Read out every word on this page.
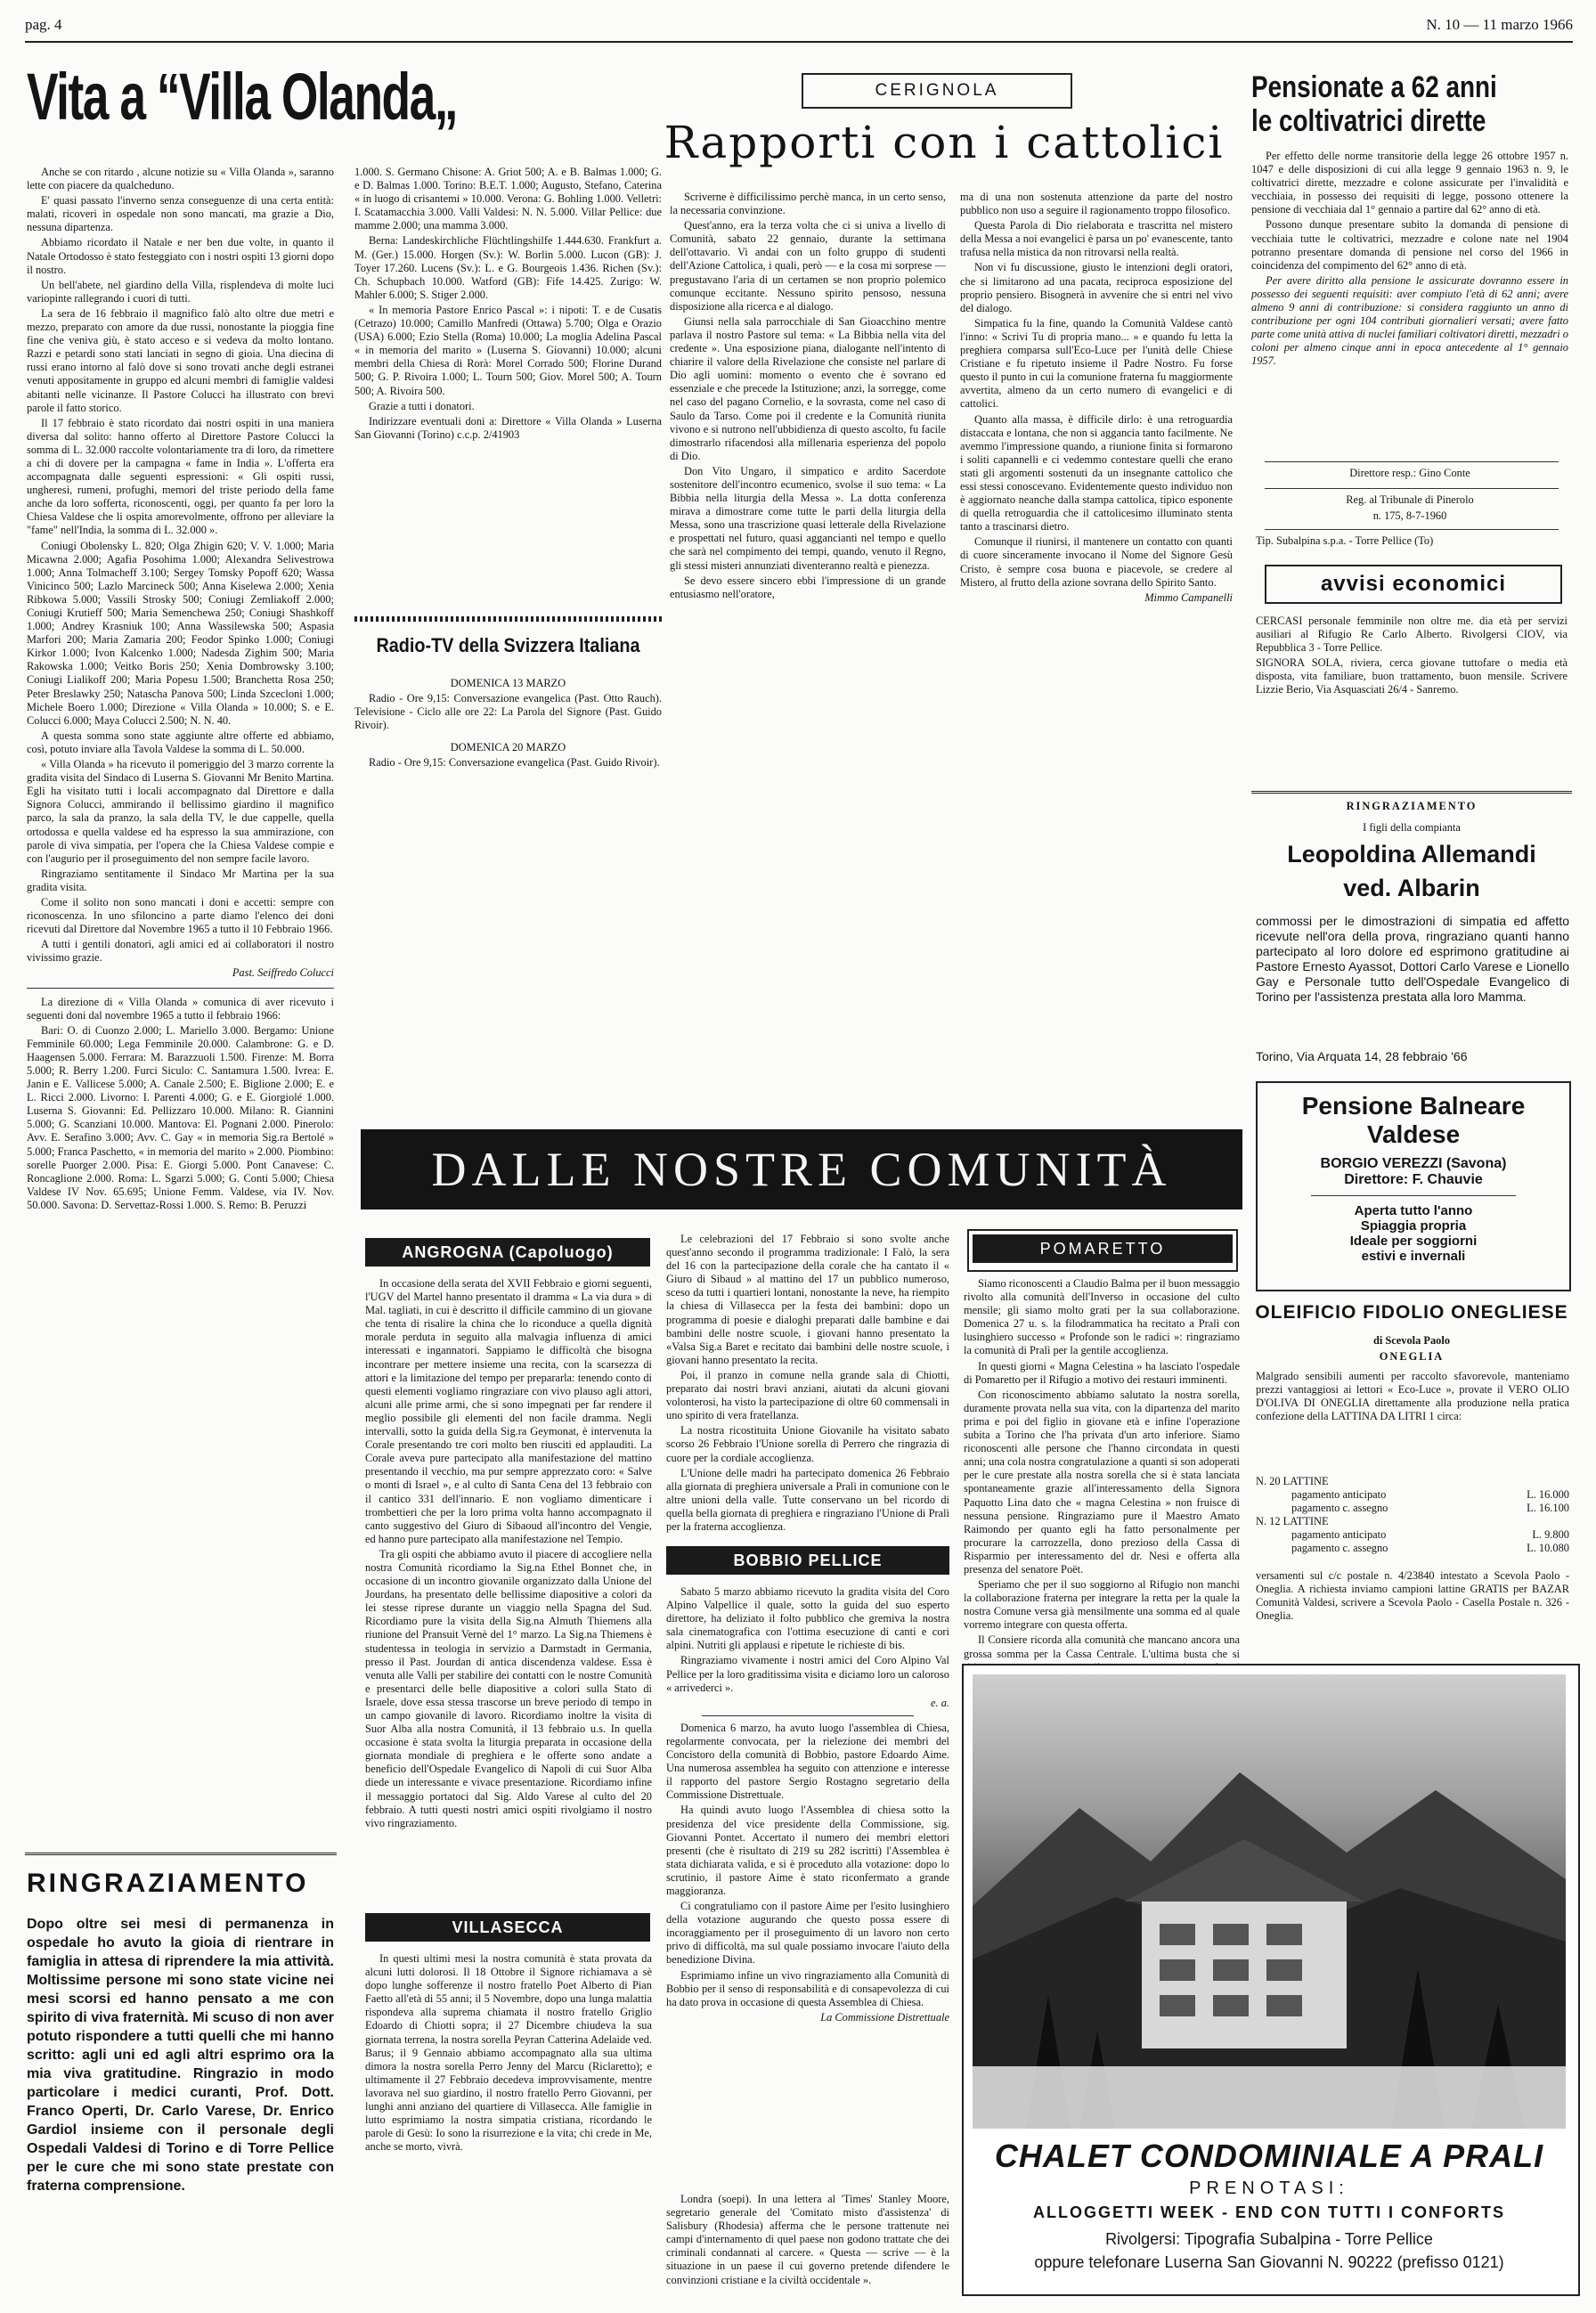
pag. 4	N. 10 — 11 marzo 1966
Vita a “Villa Olanda„

Anche se con ritardo , alcune notizie su « Villa Olanda », saranno lette con piacere da qualcheduno.

E' quasi passato l'inverno senza conseguenze di una certa entità: malati, ricoveri in ospedale non sono mancati, ma grazie a Dio, nessuna dipartenza.

Abbiamo ricordato il Natale e ner ben due volte, in quanto il Natale Ortodosso è stato festeggiato con i nostri ospiti 13 giorni dopo il nostro.

Un bell'abete, nel giardino della Villa, risplendeva di molte luci variopinte rallegrando i cuori di tutti.

La sera de 16 febbraio il magnifico falò alto oltre due metri e mezzo, preparato con amore da due russi, nonostante la pioggia fine fine che veniva giù, è stato acceso e si vedeva da molto lontano. Razzi e petardi sono stati lanciati in segno di gioia. Una diecina di russi erano intorno al falò dove si sono trovati anche degli estranei venuti appositamente in gruppo ed alcuni membri di famiglie valdesi abitanti nelle vicinanze. Il Pastore Colucci ha illustrato con brevi parole il fatto storico.

Il 17 febbraio è stato ricordato dai nostri ospiti in una maniera diversa dal solito: hanno offerto al Direttore Pastore Colucci la somma di L. 32.000 raccolte volontariamente tra di loro, da rimettere a chi di dovere per la campagna « fame in India ». L'offerta era accompagnata dalle seguenti espressioni: « Gli ospiti russi, ungheresi, rumeni, profughi, memori del triste periodo della fame anche da loro sofferta, riconoscenti, oggi, per quanto fa per loro la Chiesa Valdese che li ospita amorevolmente, offrono per alleviare la "fame" nell'India, la somma di L. 32.000 ».

Coniugi Obolensky L. 820; Olga Zhigin 620; V. V. 1.000; Maria Micawna 2.000; Agafia Posohima 1.000; Alexandra Selivestrowa 1.000; Anna Tolmacheff 3.100; Sergey Tomsky Popoff 620; Wassa Vinicinco 500; Lazlo Marcineck 500; Anna Kiselewa 2.000; Xenia Ribkowa 5.000; Vassili Strosky 500; Coniugi Zemliakoff 2.000; Coniugi Krutieff 500; Maria Semenchewa 250; Coniugi Shashkoff 1.000; Andrey Krasniuk 100; Anna Wassilewska 500; Aspasia Marfori 200; Maria Zamaria 200; Feodor Spinko 1.000; Coniugi Kirkor 1.000; Ivon Kalcenko 1.000; Nadesda Zighim 500; Maria Rakowska 1.000; Veitko Boris 250; Xenia Dombrowsky 3.100; Coniugi Lialikoff 200; Maria Popesu 1.500; Branchetta Rosa 250; Peter Breslawky 250; Natascha Panova 500; Linda Szcecloni 1.000; Michele Boero 1.000; Direzione « Villa Olanda » 10.000; S. e E. Colucci 6.000; Maya Colucci 2.500; N. N. 40.

A questa somma sono state aggiunte altre offerte ed abbiamo, così, potuto inviare alla Tavola Valdese la somma di L. 50.000.

« Villa Olanda » ha ricevuto il pomeriggio del 3 marzo corrente la gradita visita del Sindaco di Luserna S. Giovanni Mr Benito Martina. Egli ha visitato tutti i locali accompagnato dal Direttore e dalla Signora Colucci, ammirando il bellissimo giardino il magnifico parco, la sala da pranzo, la sala della TV, le due cappelle, quella ortodossa e quella valdese ed ha espresso la sua ammirazione, con parole di viva simpatia, per l'opera che la Chiesa Valdese compie e con l'augurio per il proseguimento del non sempre facile lavoro.

Ringraziamo sentitamente il Sindaco Mr Martina per la sua gradita visita.

Come il solito non sono mancati i doni e accetti: sempre con riconoscenza. In uno sfiloncino a parte diamo l'elenco dei doni ricevuti dal Direttore dal Novembre 1965 a tutto il 10 Febbraio 1966.

A tutti i gentili donatori, agli amici ed ai collaboratori il nostro vivissimo grazie.

Past. Seiffredo Colucci

La direzione di « Villa Olanda » comunica di aver ricevuto i seguenti doni dal novembre 1965 a tutto il febbraio 1966:

Bari: O. di Cuonzo 2.000; L. Mariello 3.000. Bergamo: Unione Femminile 60.000; Lega Femminile 20.000. Calambrone: G. e D. Haagensen 5.000. Ferrara: M. Barazzuoli 1.500. Firenze: M. Borra 5.000; R. Berry 1.200. Furci Siculo: C. Santamura 1.500. Ivrea: E. Janin e E. Vallicese 5.000; A. Canale 2.500; E. Biglione 2.000; E. e L. Ricci 2.000. Livorno: I. Parenti 4.000; G. e E. Giorgiolé 1.000. Luserna S. Giovanni: Ed. Pellizzaro 10.000. Milano: R. Giannini 5.000; G. Scanziani 10.000. Mantova: El. Pognani 2.000. Pinerolo: Avv. E. Serafino 3.000; Avv. C. Gay « in memoria Sig.ra Bertolé » 5.000; Franca Paschetto, « in memoria del marito » 2.000. Piombino: sorelle Puorger 2.000. Pisa: E. Giorgi 5.000. Pont Canavese: C. Roncaglione 2.000. Roma: L. Sgarzi 5.000; G. Conti 5.000; Chiesa Valdese IV Nov. 65.695; Unione Femm. Valdese, via IV. Nov. 50.000. Savona: D. Servettaz-Rossi 1.000. S. Remo: B. Peruzzi

1.000. S. Germano Chisone: A. Griot 500; A. e B. Balmas 1.000; G. e D. Balmas 1.000. Torino: B.E.T. 1.000; Augusto, Stefano, Caterina « in luogo di crisantemi » 10.000. Verona: G. Bohling 1.000. Velletri: I. Scatamacchia 3.000. Valli Valdesi: N. N. 5.000. Villar Pellice: due mamme 2.000; una mamma 3.000.

Berna: Landeskirchliche Flüchtlingshilfe 1.444.630. Frankfurt a. M. (Ger.) 15.000. Horgen (Sv.): W. Borlin 5.000. Lucon (GB): J. Toyer 17.260. Lucens (Sv.): L. e G. Bourgeois 1.436. Richen (Sv.): Ch. Schupbach 10.000. Watford (GB): Fife 14.425. Zurigo: W. Mahler 6.000; S. Stiger 2.000.

« In memoria Pastore Enrico Pascal »: i nipoti: T. e de Cusatis (Cetrazo) 10.000; Camillo Manfredi (Ottawa) 5.700; Olga e Orazio (USA) 6.000; Ezio Stella (Roma) 10.000; La moglia Adelina Pascal « in memoria del marito » (Luserna S. Giovanni) 10.000; alcuni membri della Chiesa di Rorà: Morel Corrado 500; Florine Durand 500; G. P. Rivoira 1.000; L. Tourn 500; Giov. Morel 500; A. Tourn 500; A. Rivoira 500.

Grazie a tutti i donatori.

Indirizzare eventuali doni a: Direttore « Villa Olanda » Luserna San Giovanni (Torino) c.c.p. 2/41903

Radio-TV della Svizzera Italiana

DOMENICA 13 MARZO

Radio - Ore 9,15: Conversazione evangelica (Past. Otto Rauch). Televisione - Ciclo alle ore 22: La Parola del Signore (Past. Guido Rivoir).

DOMENICA 20 MARZO

Radio - Ore 9,15: Conversazione evangelica (Past. Guido Rivoir).

RINGRAZIAMENTO
Dopo oltre sei mesi di permanenza in ospedale ho avuto la gioia di rientrare in famiglia in attesa di riprendere la mia attività. Moltissime persone mi sono state vicine nei mesi scorsi ed hanno pensato a me con spirito di viva fraternità. Mi scuso di non aver potuto rispondere a tutti quelli che mi hanno scritto: agli uni ed agli altri esprimo ora la mia viva gratitudine. Ringrazio in modo particolare i medici curanti, Prof. Dott. Franco Operti, Dr. Carlo Varese, Dr. Enrico Gardiol insieme con il personale degli Ospedali Valdesi di Torino e di Torre Pellice per le cure che mi sono state prestate con fraterna comprensione.
CERIGNOLA
Rapporti con i cattolici

Scriverne è difficilissimo perchè manca, in un certo senso, la necessaria convinzione.

Quest'anno, era la terza volta che ci si univa a livello di Comunità, sabato 22 gennaio, durante la settimana dell'ottavario. Vi andai con un folto gruppo di studenti dell'Azione Cattolica, i quali, però — e la cosa mi sorprese — pregustavano l'aria di un certamen se non proprio polemico comunque eccitante. Nessuno spirito pensoso, nessuna disposizione alla ricerca e al dialogo.

Giunsi nella sala parrocchiale di San Gioacchino mentre parlava il nostro Pastore sul tema: « La Bibbia nella vita del credente ». Una esposizione piana, dialogante nell'intento di chiarire il valore della Rivelazione che consiste nel parlare di Dio agli uomini: momento o evento che è sovrano ed essenziale e che precede la Istituzione; anzi, la sorregge, come nel caso del pagano Cornelio, e la sovrasta, come nel caso di Saulo da Tarso. Come poi il credente e la Comunità riunita vivono e si nutrono nell'ubbidienza di questo ascolto, fu facile dimostrarlo rifacendosi alla millenaria esperienza del popolo di Dio.

Don Vito Ungaro, il simpatico e ardito Sacerdote sostenitore dell'incontro ecumenico, svolse il suo tema: « La Bibbia nella liturgia della Messa ». La dotta conferenza mirava a dimostrare come tutte le parti della liturgia della Messa, sono una trascrizione quasi letterale della Rivelazione e prospettati nel futuro, quasi aggancianti nel tempo e quello che sarà nel compimento dei tempi, quando, venuto il Regno, gli stessi misteri annunziati diventeranno realtà e pienezza.

Se devo essere sincero ebbi l'impressione di un grande entusiasmo nell'oratore,

ma di una non sostenuta attenzione da parte del nostro pubblico non uso a seguire il ragionamento troppo filosofico.

Questa Parola di Dio rielaborata e trascritta nel mistero della Messa a noi evangelici è parsa un po' evanescente, tanto trafusa nella mistica da non ritrovarsi nella realtà.

Non vi fu discussione, giusto le intenzioni degli oratori, che si limitarono ad una pacata, reciproca esposizione del proprio pensiero. Bisognerà in avvenire che si entri nel vivo del dialogo.

Simpatica fu la fine, quando la Comunità Valdese cantò l'inno: « Scrivi Tu di propria mano... » e quando fu letta la preghiera comparsa sull'Eco-Luce per l'unità delle Chiese Cristiane e fu ripetuto insieme il Padre Nostro. Fu forse questo il punto in cui la comunione fraterna fu maggiormente avvertita, almeno da un certo numero di evangelici e di cattolici.

Quanto alla massa, è difficile dirlo: è una retroguardia distaccata e lontana, che non si aggancia tanto facilmente. Ne avemmo l'impressione quando, a riunione finita si formarono i soliti capannelli e ci vedemmo contestare quelli che erano stati gli argomenti sostenuti da un insegnante cattolico che essi stessi conoscevano. Evidentemente questo individuo non è aggiornato neanche dalla stampa cattolica, tipico esponente di quella retroguardia che il cattolicesimo illuminato stenta tanto a trascinarsi dietro.

Comunque il riunirsi, il mantenere un contatto con quanti di cuore sinceramente invocano il Nome del Signore Gesù Cristo, è sempre cosa buona e piacevole, se credere al Mistero, al frutto della azione sovrana dello Spirito Santo.

Mimmo Campanelli

Pensionate a 62 anni
le coltivatrici dirette

Per effetto delle norme transitorie della legge 26 ottobre 1957 n. 1047 e delle disposizioni di cui alla legge 9 gennaio 1963 n. 9, le coltivatrici dirette, mezzadre e colone assicurate per l'invalidità e vecchiaia, in possesso dei requisiti di legge, possono ottenere la pensione di vecchiaia dal 1° gennaio a partire dal 62° anno di età.

Possono dunque presentare subito la domanda di pensione di vecchiaia tutte le coltivatrici, mezzadre e colone nate nel 1904 potranno presentare domanda di pensione nel corso del 1966 in coincidenza del compimento del 62° anno di età.

Per avere diritto alla pensione le assicurate dovranno essere in possesso dei seguenti requisiti: aver compiuto l'età di 62 anni; avere almeno 9 anni di contribuzione: si considera raggiunto un anno di contribuzione per ogni 104 contributi giornalieri versati; avere fatto parte come unità attiva di nuclei familiari coltivatori diretti, mezzadri o coloni per almeno cinque anni in epoca antecedente al 1° gennaio 1957.

Direttore resp.: Gino Conte
Reg. al Tribunale di Pinerolo
n. 175, 8-7-1960
Tip. Subalpina s.p.a. - Torre Pellice (To)
avvisi economici

CERCASI personale femminile non oltre me. dia età per servizi ausiliari al Rifugio Re Carlo Alberto. Rivolgersi CIOV, via Repubblica 3 - Torre Pellice.

SIGNORA SOLA, riviera, cerca giovane tuttofare o media età disposta, vita familiare, buon trattamento, buon mensile. Scrivere Lizzie Berio, Via Asquasciati 26/4 - Sanremo.

RINGRAZIAMENTO
I figli della compianta
Leopoldina Allemandi
ved. Albarin
commossi per le dimostrazioni di simpatia ed affetto ricevute nell'ora della prova, ringraziano quanti hanno partecipato al loro dolore ed esprimono gratitudine ai Pastore Ernesto Ayassot, Dottori Carlo Varese e Lionello Gay e Personale tutto dell'Ospedale Evangelico di Torino per l'assistenza prestata alla loro Mamma.
Torino, Via Arquata 14, 28 febbraio '66
Pensione Balneare
Valdese
BORGIO VEREZZI (Savona)
Direttore: F. Chauvie
Aperta tutto l'anno
Spiaggia propria
Ideale per soggiorni
estivi e invernali
OLEIFICIO FIDOLIO ONEGLIESE
di Scevola Paolo
ONEGLIA
Malgrado sensibili aumenti per raccolto sfavorevole, manteniamo prezzi vantaggiosi ai lettori « Eco-Luce », provate il VERO OLIO D'OLIVA DI ONEGLIA direttamente alla produzione nella pratica confezione della LATTINA DA LITRI 1 circa:
N. 20 LATTINE
pagamento anticipato	L. 16.000
pagamento c. assegno	L. 16.100
N. 12 LATTINE
pagamento anticipato	L. 9.800
pagamento c. assegno	L. 10.080
versamenti sul c/c postale n. 4/23840 intestato a Scevola Paolo - Oneglia. A richiesta inviamo campioni lattine GRATIS per BAZAR Comunità Valdesi, scrivere a Scevola Paolo - Casella Postale n. 326 - Oneglia.
DALLE NOSTRE COMUNITÀ
ANGROGNA (Capoluogo)

In occasione della serata del XVII Febbraio e giorni seguenti, l'UGV del Martel hanno presentato il dramma « La via dura » di Mal. tagliati, in cui è descritto il difficile cammino di un giovane che tenta di risalire la china che lo riconduce a quella dignità morale perduta in seguito alla malvagia influenza di amici interessati e ingannatori. Sappiamo le difficoltà che bisogna incontrare per mettere insieme una recita, con la scarsezza di attori e la limitazione del tempo per prepararla: tenendo conto di questi elementi vogliamo ringraziare con vivo plauso agli attori, alcuni alle prime armi, che si sono impegnati per far rendere il meglio possibile gli elementi del non facile dramma. Negli intervalli, sotto la guida della Sig.ra Geymonat, è intervenuta la Corale presentando tre cori molto ben riusciti ed applauditi. La Corale aveva pure partecipato alla manifestazione del mattino presentando il vecchio, ma pur sempre apprezzato coro: « Salve o monti di Israel », e al culto di Santa Cena del 13 febbraio con il cantico 331 dell'innario. E non vogliamo dimenticare i trombettieri che per la loro prima volta hanno accompagnato il canto suggestivo del Giuro di Sibaoud all'incontro del Vengie, ed hanno pure partecipato alla manifestazione nel Tempio.

Tra gli ospiti che abbiamo avuto il piacere di accogliere nella nostra Comunità ricordiamo la Sig.na Ethel Bonnet che, in occasione di un incontro giovanile organizzato dalla Unione del Jourdans, ha presentato delle bellissime diapositive a colori da lei stesse riprese durante un viaggio nella Spagna del Sud. Ricordiamo pure la visita della Sig.na Almuth Thiemens alla riunione del Pransuit Vernè del 1° marzo. La Sig.na Thiemens è studentessa in teologia in servizio a Darmstadt in Germania, presso il Past. Jourdan di antica discendenza valdese. Essa è venuta alle Valli per stabilire dei contatti con le nostre Comunità e presentarci delle belle diapositive a colori sulla Stato di Israele, dove essa stessa trascorse un breve periodo di tempo in un campo giovanile di lavoro. Ricordiamo inoltre la visita di Suor Alba alla nostra Comunità, il 13 febbraio u.s. In quella occasione è stata svolta la liturgia preparata in occasione della giornata mondiale di preghiera e le offerte sono andate a beneficio dell'Ospedale Evangelico di Napoli di cui Suor Alba diede un interessante e vivace presentazione. Ricordiamo infine il messaggio portatoci dal Sig. Aldo Varese al culto del 20 febbraio. A tutti questi nostri amici ospiti rivolgiamo il nostro vivo ringraziamento.

VILLASECCA

In questi ultimi mesi la nostra comunità è stata provata da alcuni lutti dolorosi. Il 18 Ottobre il Signore richiamava a sè dopo lunghe sofferenze il nostro fratello Poet Alberto di Pian Faetto all'età di 55 anni; il 5 Novembre, dopo una lunga malattia rispondeva alla suprema chiamata il nostro fratello Griglio Edoardo di Chiotti sopra; il 27 Dicembre chiudeva la sua giornata terrena, la nostra sorella Peyran Catterina Adelaide ved. Barus; il 9 Gennaio abbiamo accompagnato alla sua ultima dimora la nostra sorella Perro Jenny del Marcu (Riclaretto); e ultimamente il 27 Febbraio decedeva improvvisamente, mentre lavorava nel suo giardino, il nostro fratello Perro Giovanni, per lunghi anni anziano del quartiere di Villasecca. Alle famiglie in lutto esprimiamo la nostra simpatia cristiana, ricordando le parole di Gesù: Io sono la risurrezione e la vita; chi crede in Me, anche se morto, vivrà.

Le celebrazioni del 17 Febbraio si sono svolte anche quest'anno secondo il programma tradizionale: I Falò, la sera del 16 con la partecipazione della corale che ha cantato il « Giuro di Sibaud » al mattino del 17 un pubblico numeroso, sceso da tutti i quartieri lontani, nonostante la neve, ha riempito la chiesa di Villasecca per la festa dei bambini: dopo un programma di poesie e dialoghi preparati dalle bambine e dai bambini delle nostre scuole, i giovani hanno presentato la «Valsa Sig.a Baret e recitato dai bambini delle nostre scuole, i giovani hanno presentato la recita.

Poi, il pranzo in comune nella grande sala di Chiotti, preparato dai nostri bravi anziani, aiutati da alcuni giovani volonterosi, ha visto la partecipazione di oltre 60 commensali in uno spirito di vera fratellanza.

La nostra ricostituita Unione Giovanile ha visitato sabato scorso 26 Febbraio l'Unione sorella di Perrero che ringrazia di cuore per la cordiale accoglienza.

L'Unione delle madri ha partecipato domenica 26 Febbraio alla giornata di preghiera universale a Pralì in comunione con le altre unioni della valle. Tutte conservano un bel ricordo di quella bella giornata di preghiera e ringraziano l'Unione di Pralì per la fraterna accoglienza.

BOBBIO PELLICE

Sabato 5 marzo abbiamo ricevuto la gradita visita del Coro Alpino Valpellice il quale, sotto la guida del suo esperto direttore, ha deliziato il folto pubblico che gremiva la nostra sala cinematografica con l'ottima esecuzione di canti e cori alpini. Nutriti gli applausi e ripetute le richieste di bis.

Ringraziamo vivamente i nostri amici del Coro Alpino Val Pellice per la loro graditissima visita e diciamo loro un caloroso « arrivederci ».

e. a.

Domenica 6 marzo, ha avuto luogo l'assemblea di Chiesa, regolarmente convocata, per la rielezione dei membri del Concistoro della comunità di Bobbio, pastore Edoardo Aime. Una numerosa assemblea ha seguito con attenzione e interesse il rapporto del pastore Sergio Rostagno segretario della Commissione Distrettuale.

Ha quindi avuto luogo l'Assemblea di chiesa sotto la presidenza del vice presidente della Commissione, sig. Giovanni Pontet. Accertato il numero dei membri elettori presenti (che è risultato di 219 su 282 iscritti) l'Assemblea è stata dichiarata valida, e si è proceduto alla votazione: dopo lo scrutinio, il pastore Aime è stato riconfermato a grande maggioranza.

Ci congratuliamo con il pastore Aime per l'esito lusinghiero della votazione augurando che questo possa essere di incoraggiamento per il proseguimento di un lavoro non certo privo di difficoltà, ma sul quale possiamo invocare l'aiuto della benedizione Divina.

Esprimiamo infine un vivo ringraziamento alla Comunità di Bobbio per il senso di responsabilità e di consapevolezza di cui ha dato prova in occasione di questa Assemblea di Chiesa.

La Commissione Distrettuale

POMARETTO

Siamo riconoscenti a Claudio Balma per il buon messaggio rivolto alla comunità dell'Inverso in occasione del culto mensile; gli siamo molto grati per la sua collaborazione. Domenica 27 u. s. la filodrammatica ha recitato a Pralì con lusinghiero successo « Profonde son le radici »: ringraziamo la comunità di Pralì per la gentile accoglienza.

In questi giorni « Magna Celestina » ha lasciato l'ospedale di Pomaretto per il Rifugio a motivo dei restauri imminenti.

Con riconoscimento abbiamo salutato la nostra sorella, duramente provata nella sua vita, con la dipartenza del marito prima e poi del figlio in giovane età e infine l'operazione subita a Torino che l'ha privata d'un arto inferiore. Siamo riconoscenti alle persone che l'hanno circondata in questi anni; una cola nostra congratulazione a quanti si son adoperati per le cure prestate alla nostra sorella che si è stata lanciata spontaneamente grazie all'interessamento della Signora Paquotto Lina dato che « magna Celestina » non fruisce di nessuna pensione. Ringraziamo pure il Maestro Amato Raimondo per quanto egli ha fatto personalmente per procurare la carrozzella, dono prezioso della Cassa di Risparmio per interessamento del dr. Nesi e offerta alla presenza del senatore Poët.

Speriamo che per il suo soggiorno al Rifugio non manchi la collaborazione fraterna per integrare la retta per la quale la nostra Comune versa già mensilmente una somma ed al quale vorremo integrare con questa offerta.

Il Consiere ricorda alla comunità che mancano ancora una grossa somma per la Cassa Centrale. L'ultima busta che si

CHALET CONDOMINIALE A PRALI
PRENOTASI:
ALLOGGETTI WEEK - END CON TUTTI I CONFORTS
Rivolgersi: Tipografia Subalpina - Torre Pellice
oppure telefonare Luserna San Giovanni N. 90222 (prefisso 0121)

Londra (soepi). In una lettera al 'Times' Stanley Moore, segretario generale del 'Comitato misto d'assistenza' di Salisbury (Rhodesia) afferma che le persone trattenute nei campi d'internamento di quel paese non godono trattate che dei criminali condannati al carcere. « Questa — scrive — è la situazione in un paese il cui governo pretende difendere le convinzioni cristiane e la civiltà occidentale ».
